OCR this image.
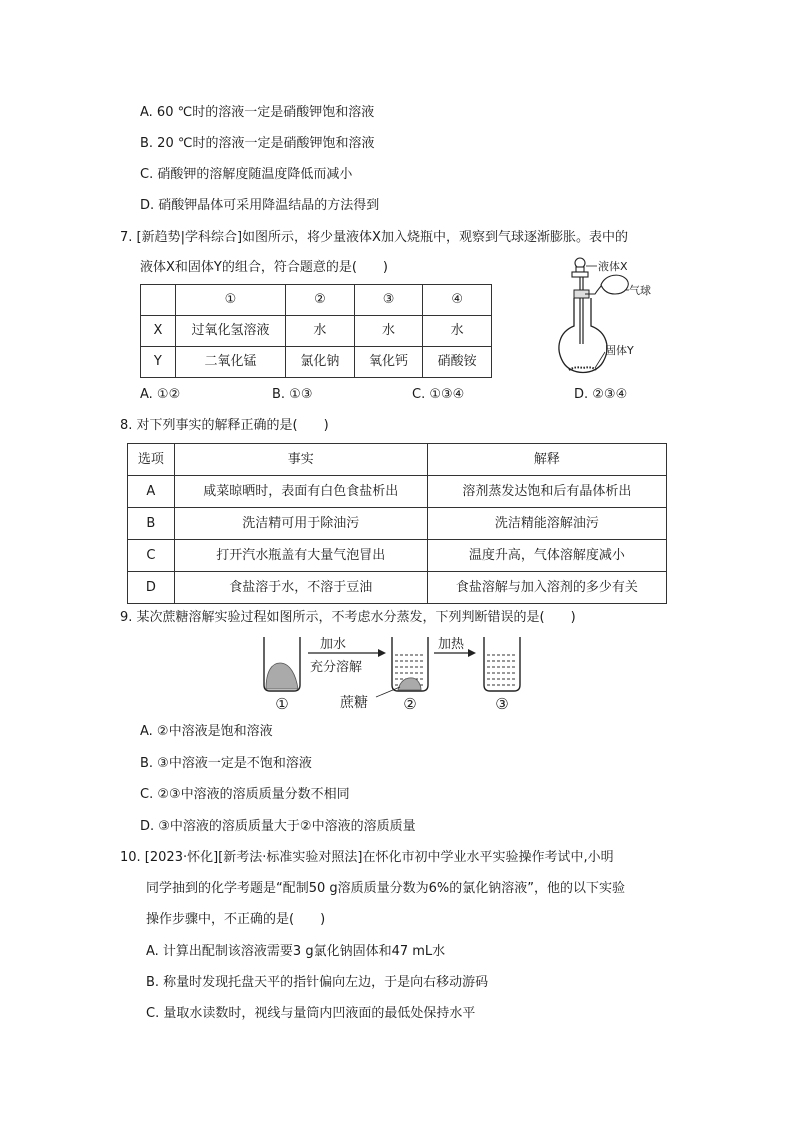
A. 60 ℃时的溶液一定是硝酸钾饱和溶液
B. 20 ℃时的溶液一定是硝酸钾饱和溶液
C. 硝酸钾的溶解度随温度降低而减小
D. 硝酸钾晶体可采用降温结晶的方法得到
7. [新趋势|学科综合]如图所示，将少量液体X加入烧瓶中，观察到气球逐渐膨胀。表中的
液体X和固体Y的组合，符合题意的是(　　)
	①	②	③	④
X	过氧化氢溶液	水	水	水
Y	二氧化锰	氯化钠	氧化钙	硝酸铵
液体X
气球
固体Y
A. ①②	B. ①③	C. ①③④	D. ②③④
8. 对下列事实的解释正确的是(　　)
选项	事实	解释
A	咸菜晾晒时，表面有白色食盐析出	溶剂蒸发达饱和后有晶体析出
B	洗洁精可用于除油污	洗洁精能溶解油污
C	打开汽水瓶盖有大量气泡冒出	温度升高，气体溶解度减小
D	食盐溶于水，不溶于豆油	食盐溶解与加入溶剂的多少有关
9. 某次蔗糖溶解实验过程如图所示，不考虑水分蒸发，下列判断错误的是(　　)
加水
充分溶解
加热
蔗糖
①	②	③
A. ②中溶液是饱和溶液
B. ③中溶液一定是不饱和溶液
C. ②③中溶液的溶质质量分数不相同
D. ③中溶液的溶质质量大于②中溶液的溶质质量
10. [2023·怀化][新考法·标准实验对照法]在怀化市初中学业水平实验操作考试中,小明
同学抽到的化学考题是“配制50 g溶质质量分数为6%的氯化钠溶液”，他的以下实验
操作步骤中，不正确的是(　　)
A. 计算出配制该溶液需要3 g氯化钠固体和47 mL水
B. 称量时发现托盘天平的指针偏向左边，于是向右移动游码
C. 量取水读数时，视线与量筒内凹液面的最低处保持水平
